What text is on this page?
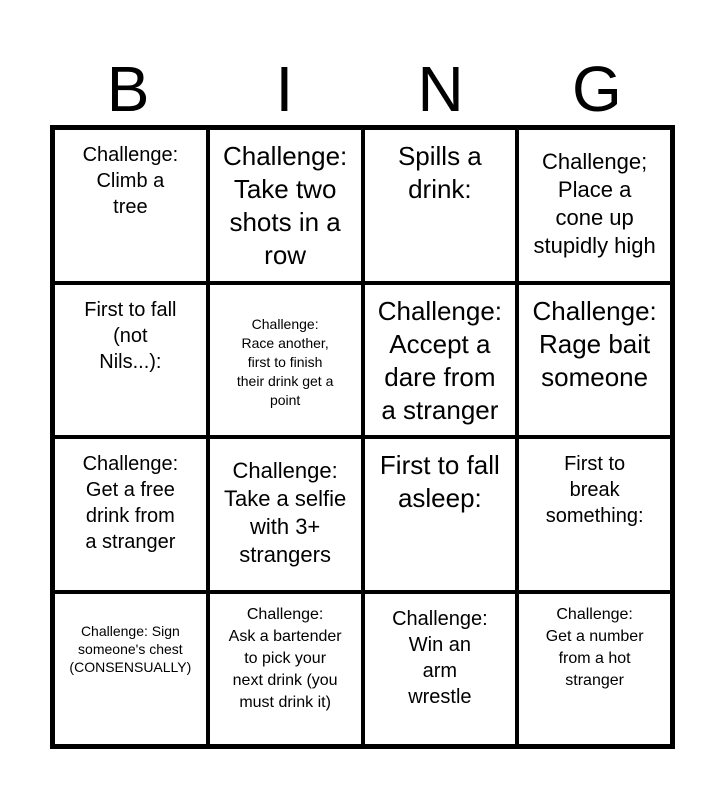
B	I	N	G
Challenge:
Climb a
tree
Challenge:
Take two
shots in a
row
Spills a
drink:
Challenge;
Place a
cone up
stupidly high
First to fall
(not
Nils...):
Challenge:
Race another,
first to finish
their drink get a
point
Challenge:
Accept a
dare from
a stranger
Challenge:
Rage bait
someone
Challenge:
Get a free
drink from
a stranger
Challenge:
Take a selfie
with 3+
strangers
First to fall
asleep:
First to
break
something:
Challenge: Sign
someone's chest
(CONSENSUALLY)
Challenge:
Ask a bartender
to pick your
next drink (you
must drink it)
Challenge:
Win an
arm
wrestle
Challenge:
Get a number
from a hot
stranger
